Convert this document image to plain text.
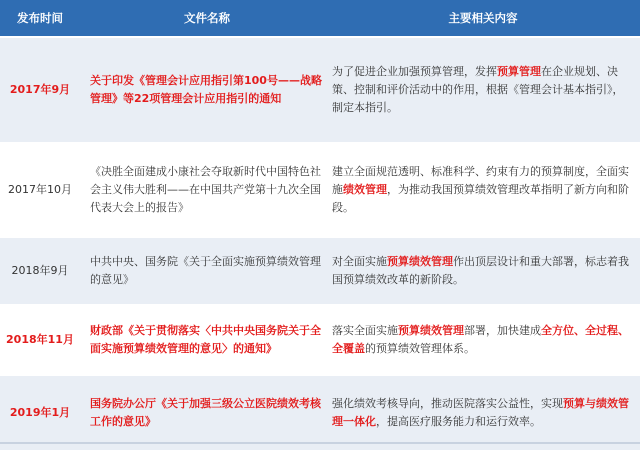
发布时间	文件名称	主要相关内容
2017年9月
关于印发《管理会计应用指引第100号——战略管理》等22项管理会计应用指引的通知
为了促进企业加强预算管理，发挥预算管理在企业规划、决策、控制和评价活动中的作用，根据《管理会计基本指引》，制定本指引。
2017年10月
《决胜全面建成小康社会夺取新时代中国特色社会主义伟大胜利——在中国共产党第十九次全国代表大会上的报告》
建立全面规范透明、标准科学、约束有力的预算制度，全面实施绩效管理，为推动我国预算绩效管理改革指明了新方向和阶段。
2018年9月
中共中央、国务院《关于全面实施预算绩效管理的意见》
对全面实施预算绩效管理作出顶层设计和重大部署，标志着我国预算绩效改革的新阶段。
2018年11月
财政部《关于贯彻落实〈中共中央国务院关于全面实施预算绩效管理的意见〉的通知》
落实全面实施预算绩效管理部署，加快建成全方位、全过程、全覆盖的预算绩效管理体系。
2019年1月
国务院办公厅《关于加强三级公立医院绩效考核工作的意见》
强化绩效考核导向，推动医院落实公益性，实现预算与绩效管理一体化，提高医疗服务能力和运行效率。
